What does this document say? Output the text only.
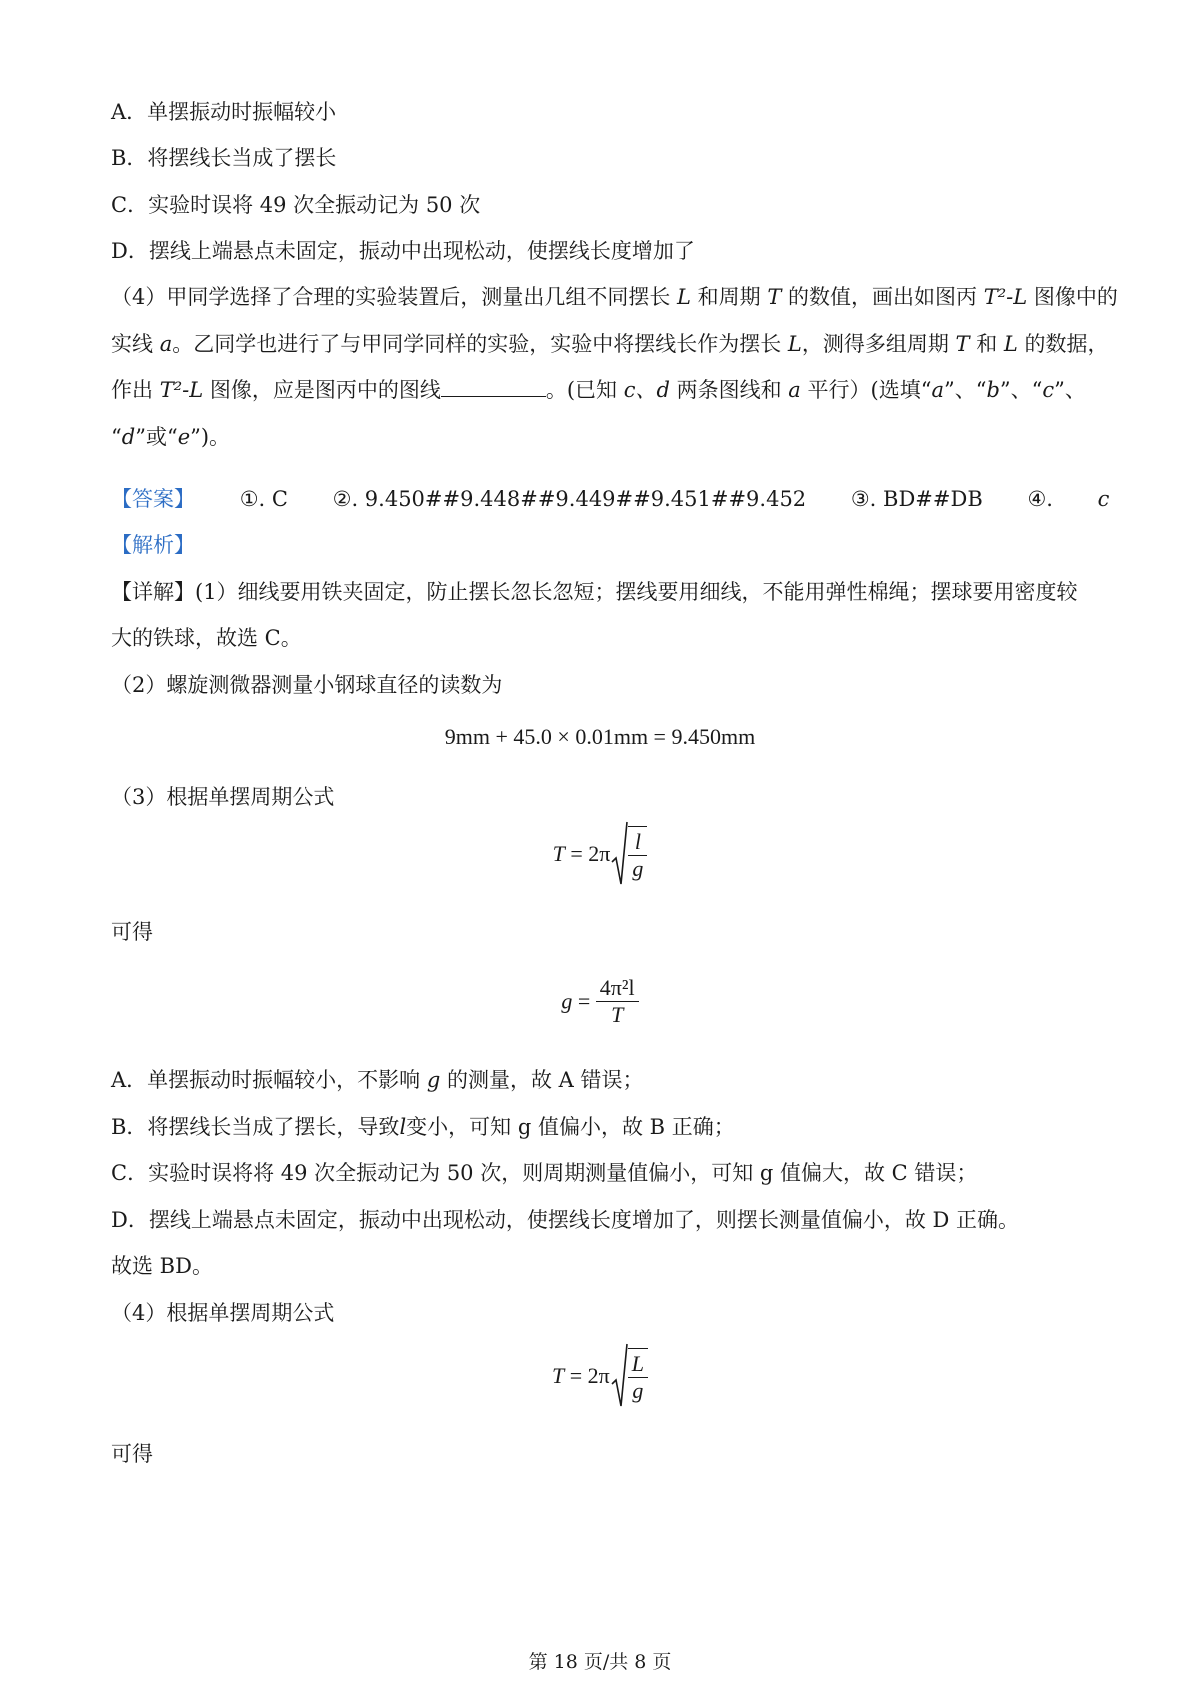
A．单摆振动时振幅较小
B．将摆线长当成了摆长
C．实验时误将 49 次全振动记为 50 次
D．摆线上端悬点未固定，振动中出现松动，使摆线长度增加了
（4）甲同学选择了合理的实验装置后，测量出几组不同摆长 L 和周期 T 的数值，画出如图丙 T²-L 图像中的
实线 a。乙同学也进行了与甲同学同样的实验，实验中将摆线长作为摆长 L，测得多组周期 T 和 L 的数据，
作出 T²-L 图像，应是图丙中的图线	。(已知 c、d 两条图线和 a 平行）(选填“a”、“b”、“c”、
“d”或“e”)。
【答案】 ①. C ②. 9.450##9.448##9.449##9.451##9.452 ③. BD##DB ④. c
【解析】
【详解】(1）细线要用铁夹固定，防止摆长忽长忽短；摆线要用细线，不能用弹性棉绳；摆球要用密度较
大的铁球，故选 C。
（2）螺旋测微器测量小钢球直径的读数为
9mm + 45.0 × 0.01mm = 9.450mm
（3）根据单摆周期公式
$T = 2\pi \frac{l}{g}$
可得
$g = \frac{\text{4π²l}}{T}$
A．单摆振动时振幅较小，不影响 g 的测量，故 A 错误；
B．将摆线长当成了摆长，导致l变小，可知 g 值偏小，故 B 正确；
C．实验时误将将 49 次全振动记为 50 次，则周期测量值偏小，可知 g 值偏大，故 C 错误；
D．摆线上端悬点未固定，振动中出现松动，使摆线长度增加了，则摆长测量值偏小，故 D 正确。
故选 BD。
（4）根据单摆周期公式
$T = 2\pi \frac{L}{g}$
可得
第 18 页/共 8 页
